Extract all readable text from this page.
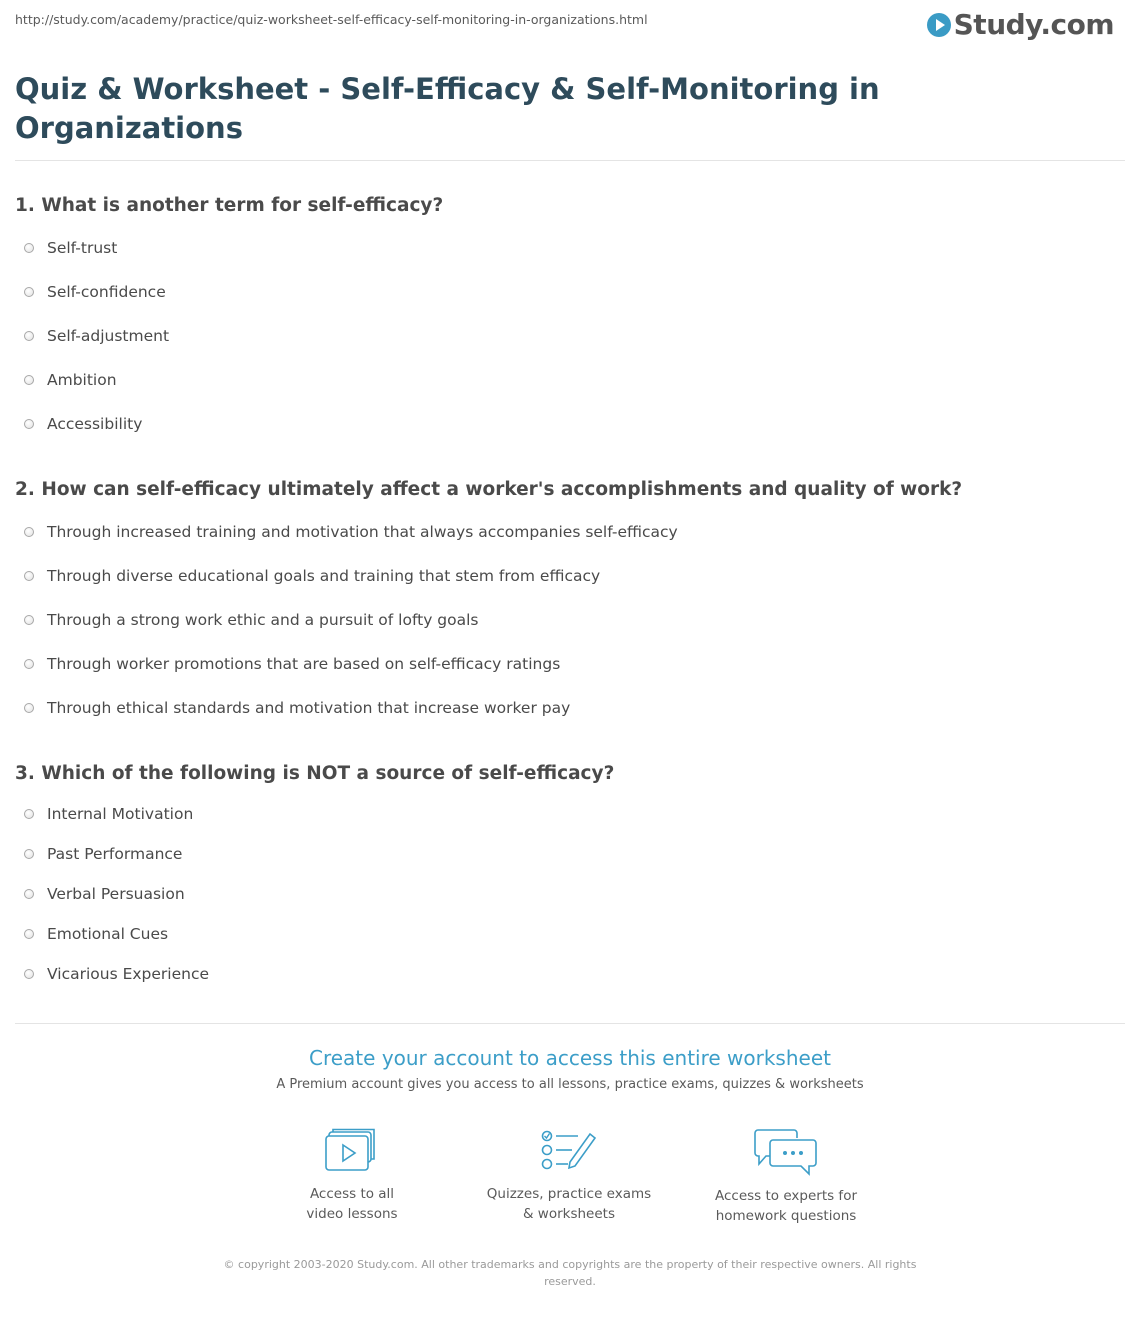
http://study.com/academy/practice/quiz-worksheet-self-efficacy-self-monitoring-in-organizations.html	Study.com
Quiz & Worksheet - Self-Efficacy & Self-Monitoring in Organizations
1. What is another term for self-efficacy?
Self-trust
Self-confidence
Self-adjustment
Ambition
Accessibility
2. How can self-efficacy ultimately affect a worker's accomplishments and quality of work?
Through increased training and motivation that always accompanies self-efficacy
Through diverse educational goals and training that stem from efficacy
Through a strong work ethic and a pursuit of lofty goals
Through worker promotions that are based on self-efficacy ratings
Through ethical standards and motivation that increase worker pay
3. Which of the following is NOT a source of self-efficacy?
Internal Motivation
Past Performance
Verbal Persuasion
Emotional Cues
Vicarious Experience
Create your account to access this entire worksheet
A Premium account gives you access to all lessons, practice exams, quizzes & worksheets
Access to all
video lessons
Quizzes, practice exams
& worksheets
Access to experts for
homework questions
© copyright 2003-2020 Study.com. All other trademarks and copyrights are the property of their respective owners. All rights reserved.
